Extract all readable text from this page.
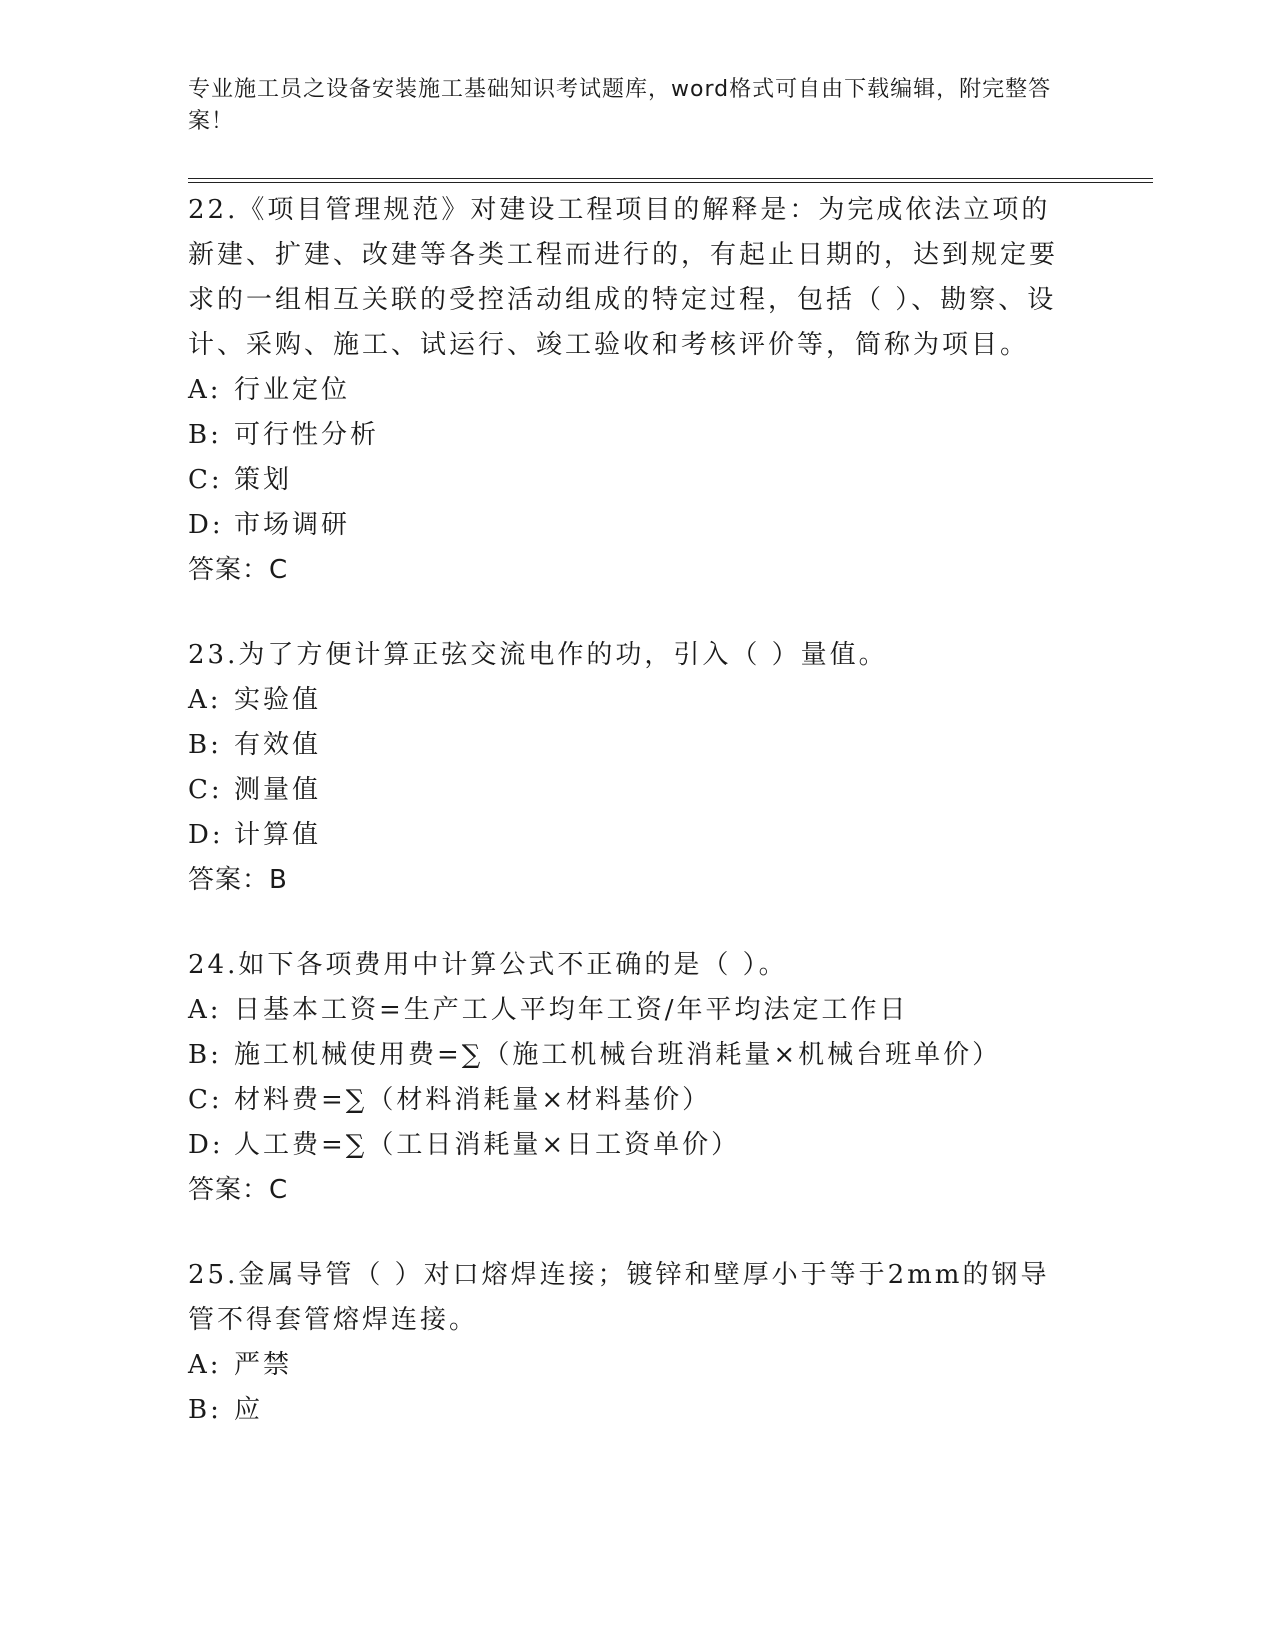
专业施工员之设备安装施工基础知识考试题库，word格式可自由下载编辑，附完整答案！

22.《项目管理规范》对建设工程项目的解释是：为完成依法立项的新建、扩建、改建等各类工程而进行的，有起止日期的，达到规定要求的一组相互关联的受控活动组成的特定过程，包括（ ）、勘察、设计、采购、施工、试运行、竣工验收和考核评价等，简称为项目。

A: 行业定位
B: 可行性分析
C: 策划
D: 市场调研

答案：C

23.为了方便计算正弦交流电作的功，引入（ ）量值。

A: 实验值
B: 有效值
C: 测量值
D: 计算值

答案：B

24.如下各项费用中计算公式不正确的是（ ）。

A: 日基本工资=生产工人平均年工资/年平均法定工作日
B: 施工机械使用费=∑（施工机械台班消耗量×机械台班单价）
C: 材料费=∑（材料消耗量×材料基价）
D: 人工费=∑（工日消耗量×日工资单价）

答案：C

25.金属导管（ ）对口熔焊连接；镀锌和壁厚小于等于2mm的钢导管不得套管熔焊连接。

A: 严禁
B: 应
